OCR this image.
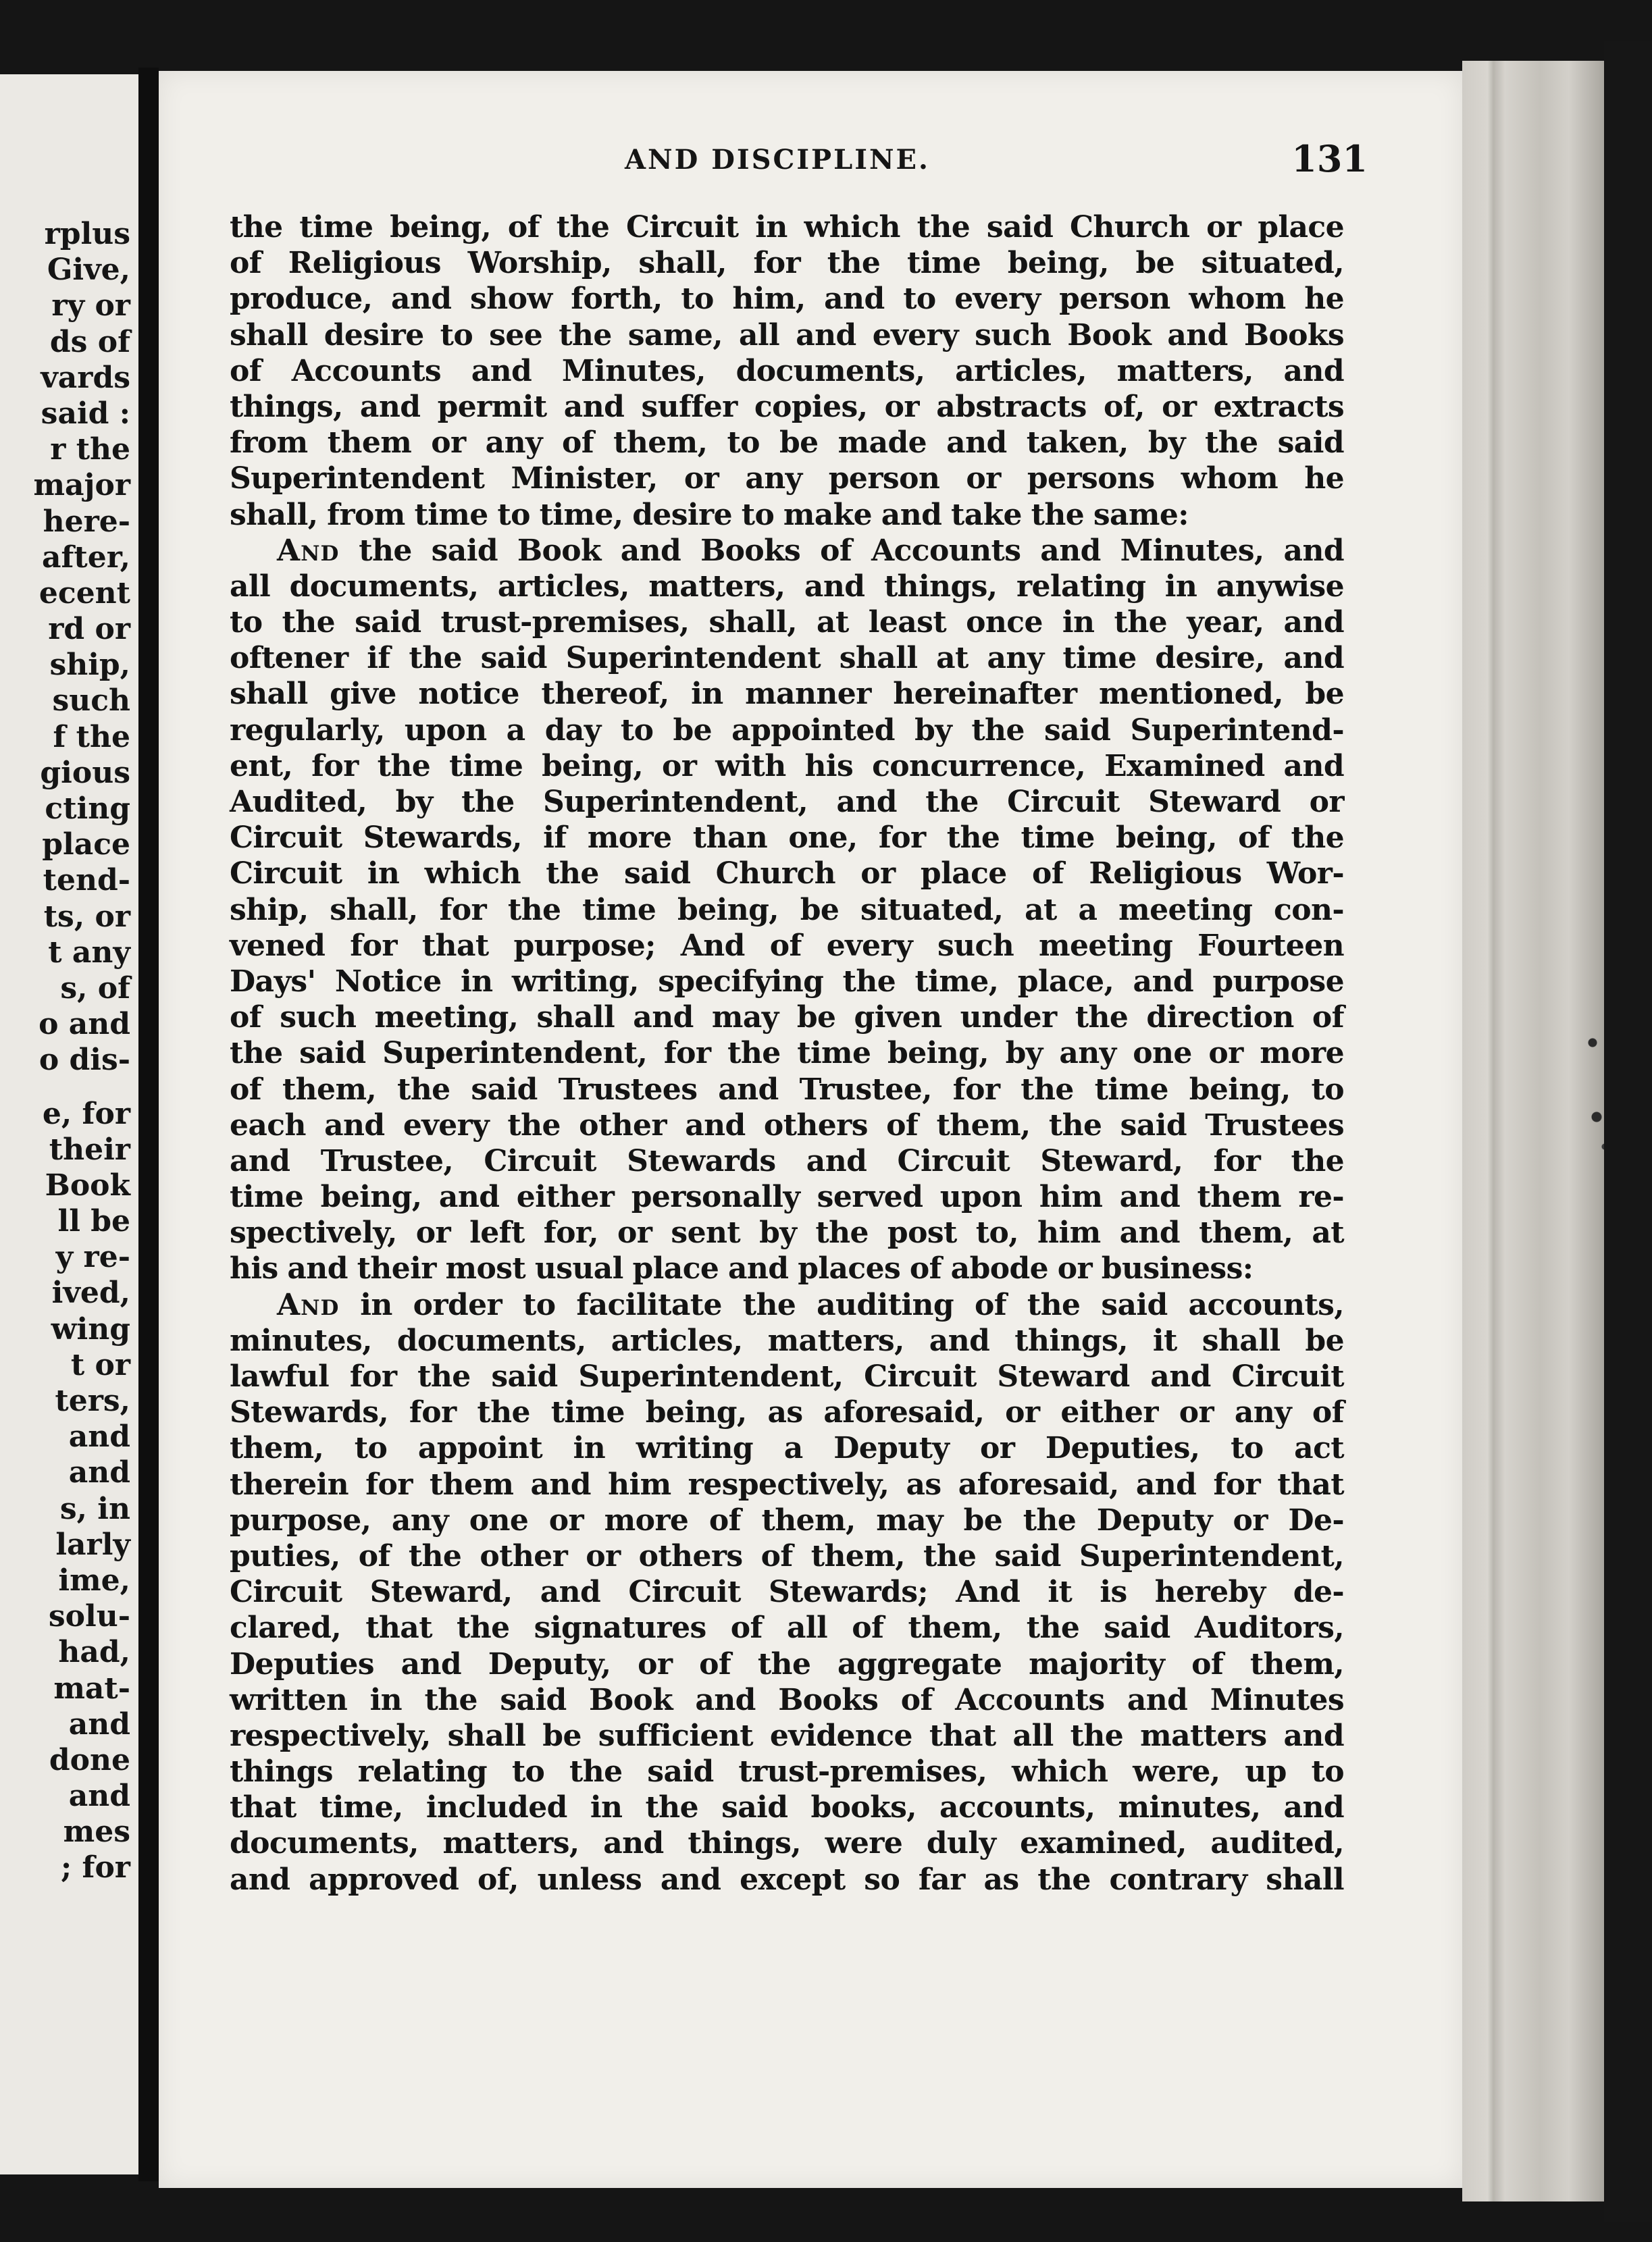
rplus
Give,
ry or
ds of
vards
said :
r the
major
here-
after,
ecent
rd or
ship,
such
f the
gious
cting
place
tend-
ts, or
t any
s, of
o and
o dis-
e, for
their
Book
ll be
y re-
ived,
wing
t or
ters,
and
and
s, in
larly
ime,
solu-
had,
mat-
and
done
and
mes
; for
AND DISCIPLINE.	131
the time being, of the Circuit in which the said Church or place
of Religious Worship, shall, for the time being, be situated,
produce, and show forth, to him, and to every person whom he
shall desire to see the same, all and every such Book and Books
of Accounts and Minutes, documents, articles, matters, and
things, and permit and suffer copies, or abstracts of, or extracts
from them or any of them, to be made and taken, by the said
Superintendent Minister, or any person or persons whom he
shall, from time to time, desire to make and take the same:
And the said Book and Books of Accounts and Minutes, and
all documents, articles, matters, and things, relating in anywise
to the said trust-premises, shall, at least once in the year, and
oftener if the said Superintendent shall at any time desire, and
shall give notice thereof, in manner hereinafter mentioned, be
regularly, upon a day to be appointed by the said Superintend-
ent, for the time being, or with his concurrence, Examined and
Audited, by the Superintendent, and the Circuit Steward or
Circuit Stewards, if more than one, for the time being, of the
Circuit in which the said Church or place of Religious Wor-
ship, shall, for the time being, be situated, at a meeting con-
vened for that purpose; And of every such meeting Fourteen
Days' Notice in writing, specifying the time, place, and purpose
of such meeting, shall and may be given under the direction of
the said Superintendent, for the time being, by any one or more
of them, the said Trustees and Trustee, for the time being, to
each and every the other and others of them, the said Trustees
and Trustee, Circuit Stewards and Circuit Steward, for the
time being, and either personally served upon him and them re-
spectively, or left for, or sent by the post to, him and them, at
his and their most usual place and places of abode or business:
And in order to facilitate the auditing of the said accounts,
minutes, documents, articles, matters, and things, it shall be
lawful for the said Superintendent, Circuit Steward and Circuit
Stewards, for the time being, as aforesaid, or either or any of
them, to appoint in writing a Deputy or Deputies, to act
therein for them and him respectively, as aforesaid, and for that
purpose, any one or more of them, may be the Deputy or De-
puties, of the other or others of them, the said Superintendent,
Circuit Steward, and Circuit Stewards; And it is hereby de-
clared, that the signatures of all of them, the said Auditors,
Deputies and Deputy, or of the aggregate majority of them,
written in the said Book and Books of Accounts and Minutes
respectively, shall be sufficient evidence that all the matters and
things relating to the said trust-premises, which were, up to
that time, included in the said books, accounts, minutes, and
documents, matters, and things, were duly examined, audited,
and approved of, unless and except so far as the contrary shall
